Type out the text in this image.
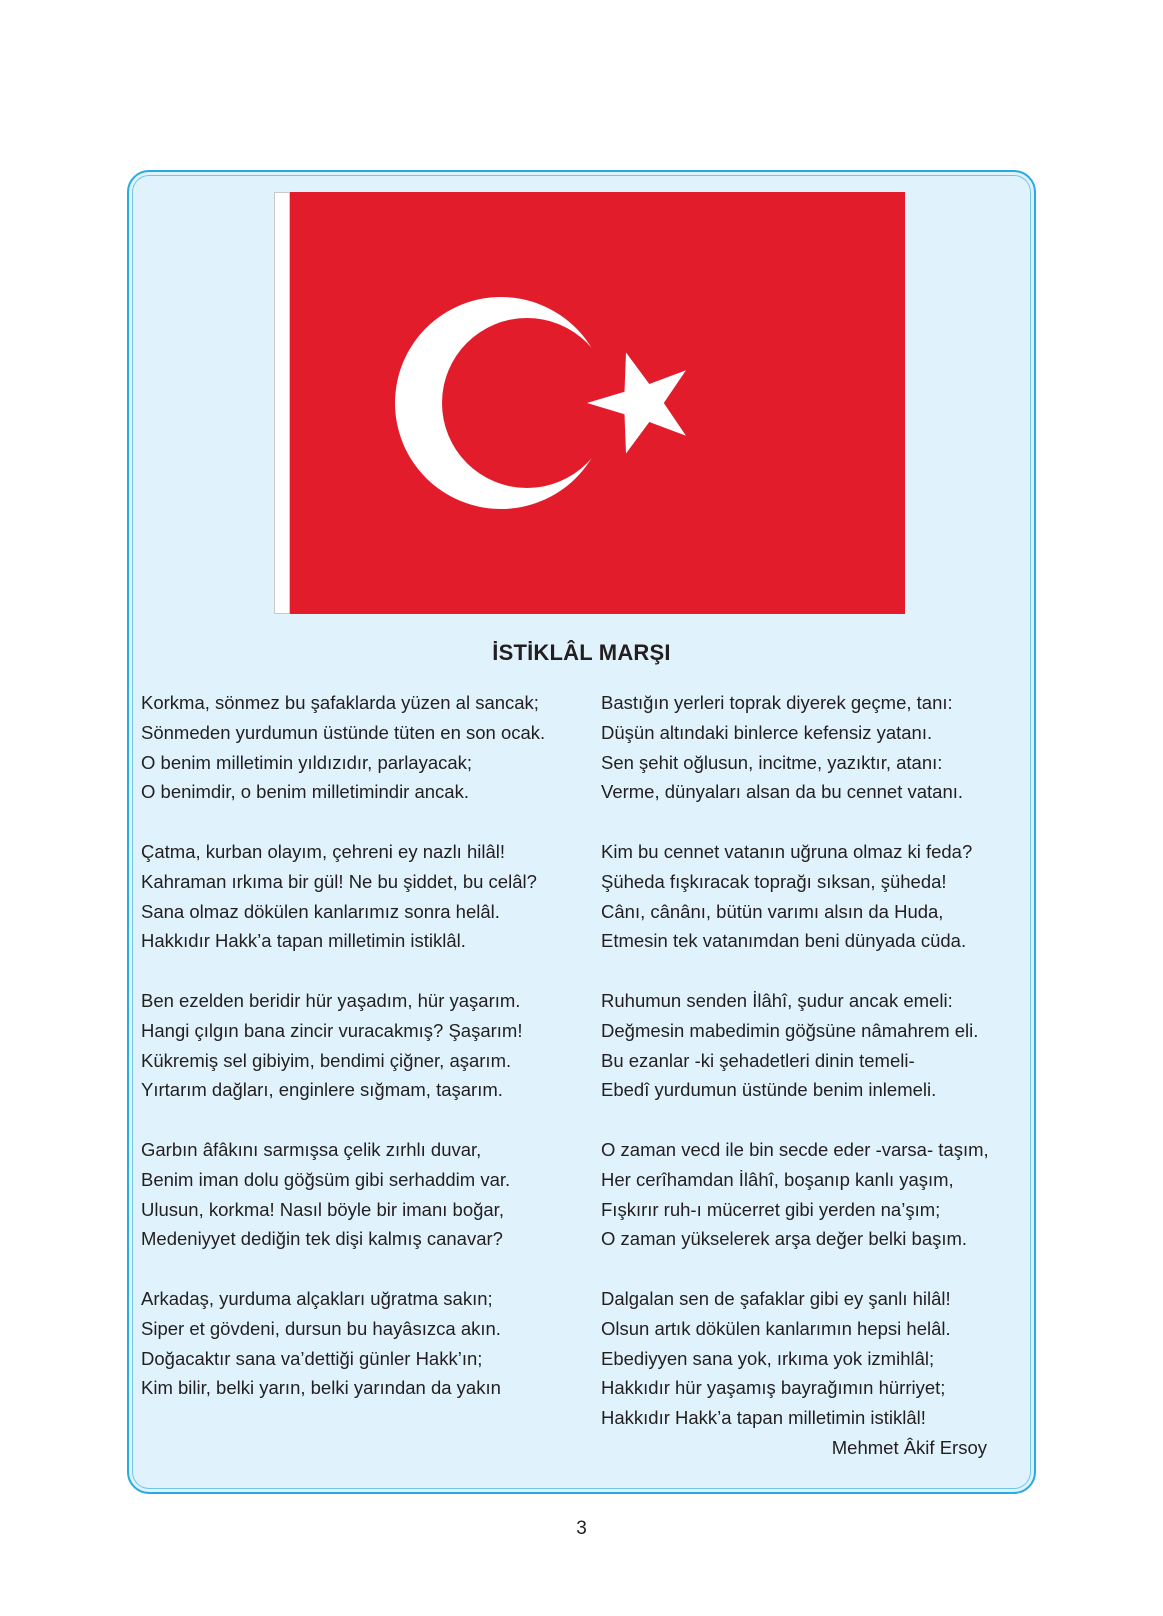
İSTİKLÂL MARŞI
Korkma, sönmez bu şafaklarda yüzen al sancak;
Sönmeden yurdumun üstünde tüten en son ocak.
O benim milletimin yıldızıdır, parlayacak;
O benimdir, o benim milletimindir ancak.
Çatma, kurban olayım, çehreni ey nazlı hilâl!
Kahraman ırkıma bir gül! Ne bu şiddet, bu celâl?
Sana olmaz dökülen kanlarımız sonra helâl.
Hakkıdır Hakk’a tapan milletimin istiklâl.
Ben ezelden beridir hür yaşadım, hür yaşarım.
Hangi çılgın bana zincir vuracakmış? Şaşarım!
Kükremiş sel gibiyim, bendimi çiğner, aşarım.
Yırtarım dağları, enginlere sığmam, taşarım.
Garbın âfâkını sarmışsa çelik zırhlı duvar,
Benim iman dolu göğsüm gibi serhaddim var.
Ulusun, korkma! Nasıl böyle bir imanı boğar,
Medeniyyet dediğin tek dişi kalmış canavar?
Arkadaş, yurduma alçakları uğratma sakın;
Siper et gövdeni, dursun bu hayâsızca akın.
Doğacaktır sana va’dettiği günler Hakk’ın;
Kim bilir, belki yarın, belki yarından da yakın
Bastığın yerleri toprak diyerek geçme, tanı:
Düşün altındaki binlerce kefensiz yatanı.
Sen şehit oğlusun, incitme, yazıktır, atanı:
Verme, dünyaları alsan da bu cennet vatanı.
Kim bu cennet vatanın uğruna olmaz ki feda?
Şüheda fışkıracak toprağı sıksan, şüheda!
Cânı, cânânı, bütün varımı alsın da Huda,
Etmesin tek vatanımdan beni dünyada cüda.
Ruhumun senden İlâhî, şudur ancak emeli:
Değmesin mabedimin göğsüne nâmahrem eli.
Bu ezanlar -ki şehadetleri dinin temeli-
Ebedî yurdumun üstünde benim inlemeli.
O zaman vecd ile bin secde eder -varsa- taşım,
Her cerîhamdan İlâhî, boşanıp kanlı yaşım,
Fışkırır ruh-ı mücerret gibi yerden na’şım;
O zaman yükselerek arşa değer belki başım.
Dalgalan sen de şafaklar gibi ey şanlı hilâl!
Olsun artık dökülen kanlarımın hepsi helâl.
Ebediyyen sana yok, ırkıma yok izmihlâl;
Hakkıdır hür yaşamış bayrağımın hürriyet;
Hakkıdır Hakk’a tapan milletimin istiklâl!
Mehmet Âkif Ersoy
3
